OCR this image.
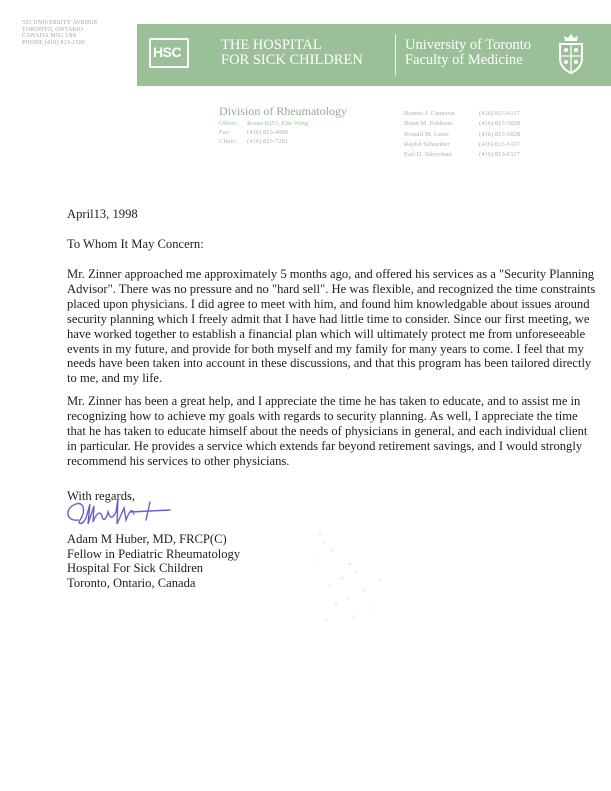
555 UNIVERSITY AVENUE
TORONTO, ONTARIO
CANADA M5G 1X8
PHONE (416) 813-1500
HSC	THE HOSPITAL
FOR SICK CHILDREN
University of Toronto
Faculty of Medicine
Division of Rheumatology
Office: Room 8253, Elm Wing
Fax: (416) 813-4989
Clinic: (416) 813-7281
Bonnie J. Cameron	(416) 813-6117
Brian M. Feldman	(416) 813-5828
Ronald M. Laxer	(416) 813-5828
Rayfel Schneider	(416) 813-6117
Earl D. Silverman	(416) 813-6117
April13, 1998
To Whom It May Concern:
Mr. Zinner approached me approximately 5 months ago, and offered his services as a "Security Planning Advisor". There was no pressure and no "hard sell". He was flexible, and recognized the time constraints placed upon physicians. I did agree to meet with him, and found him knowledgable about issues around security planning which I freely admit that I have had little time to consider. Since our first meeting, we have worked together to establish a financial plan which will ultimately protect me from unforeseeable events in my future, and provide for both myself and my family for many years to come. I feel that my needs have been taken into account in these discussions, and that this program has been tailored directly to me, and my life.
Mr. Zinner has been a great help, and I appreciate the time he has taken to educate, and to assist me in recognizing how to achieve my goals with regards to security planning. As well, I appreciate the time that he has taken to educate himself about the needs of physicians in general, and each individual client in particular. He provides a service which extends far beyond retirement savings, and I would strongly recommend his services to other physicians.
With regards,
Adam M Huber, MD, FRCP(C)
Fellow in Pediatric Rheumatology
Hospital For Sick Children
Toronto, Ontario, Canada
